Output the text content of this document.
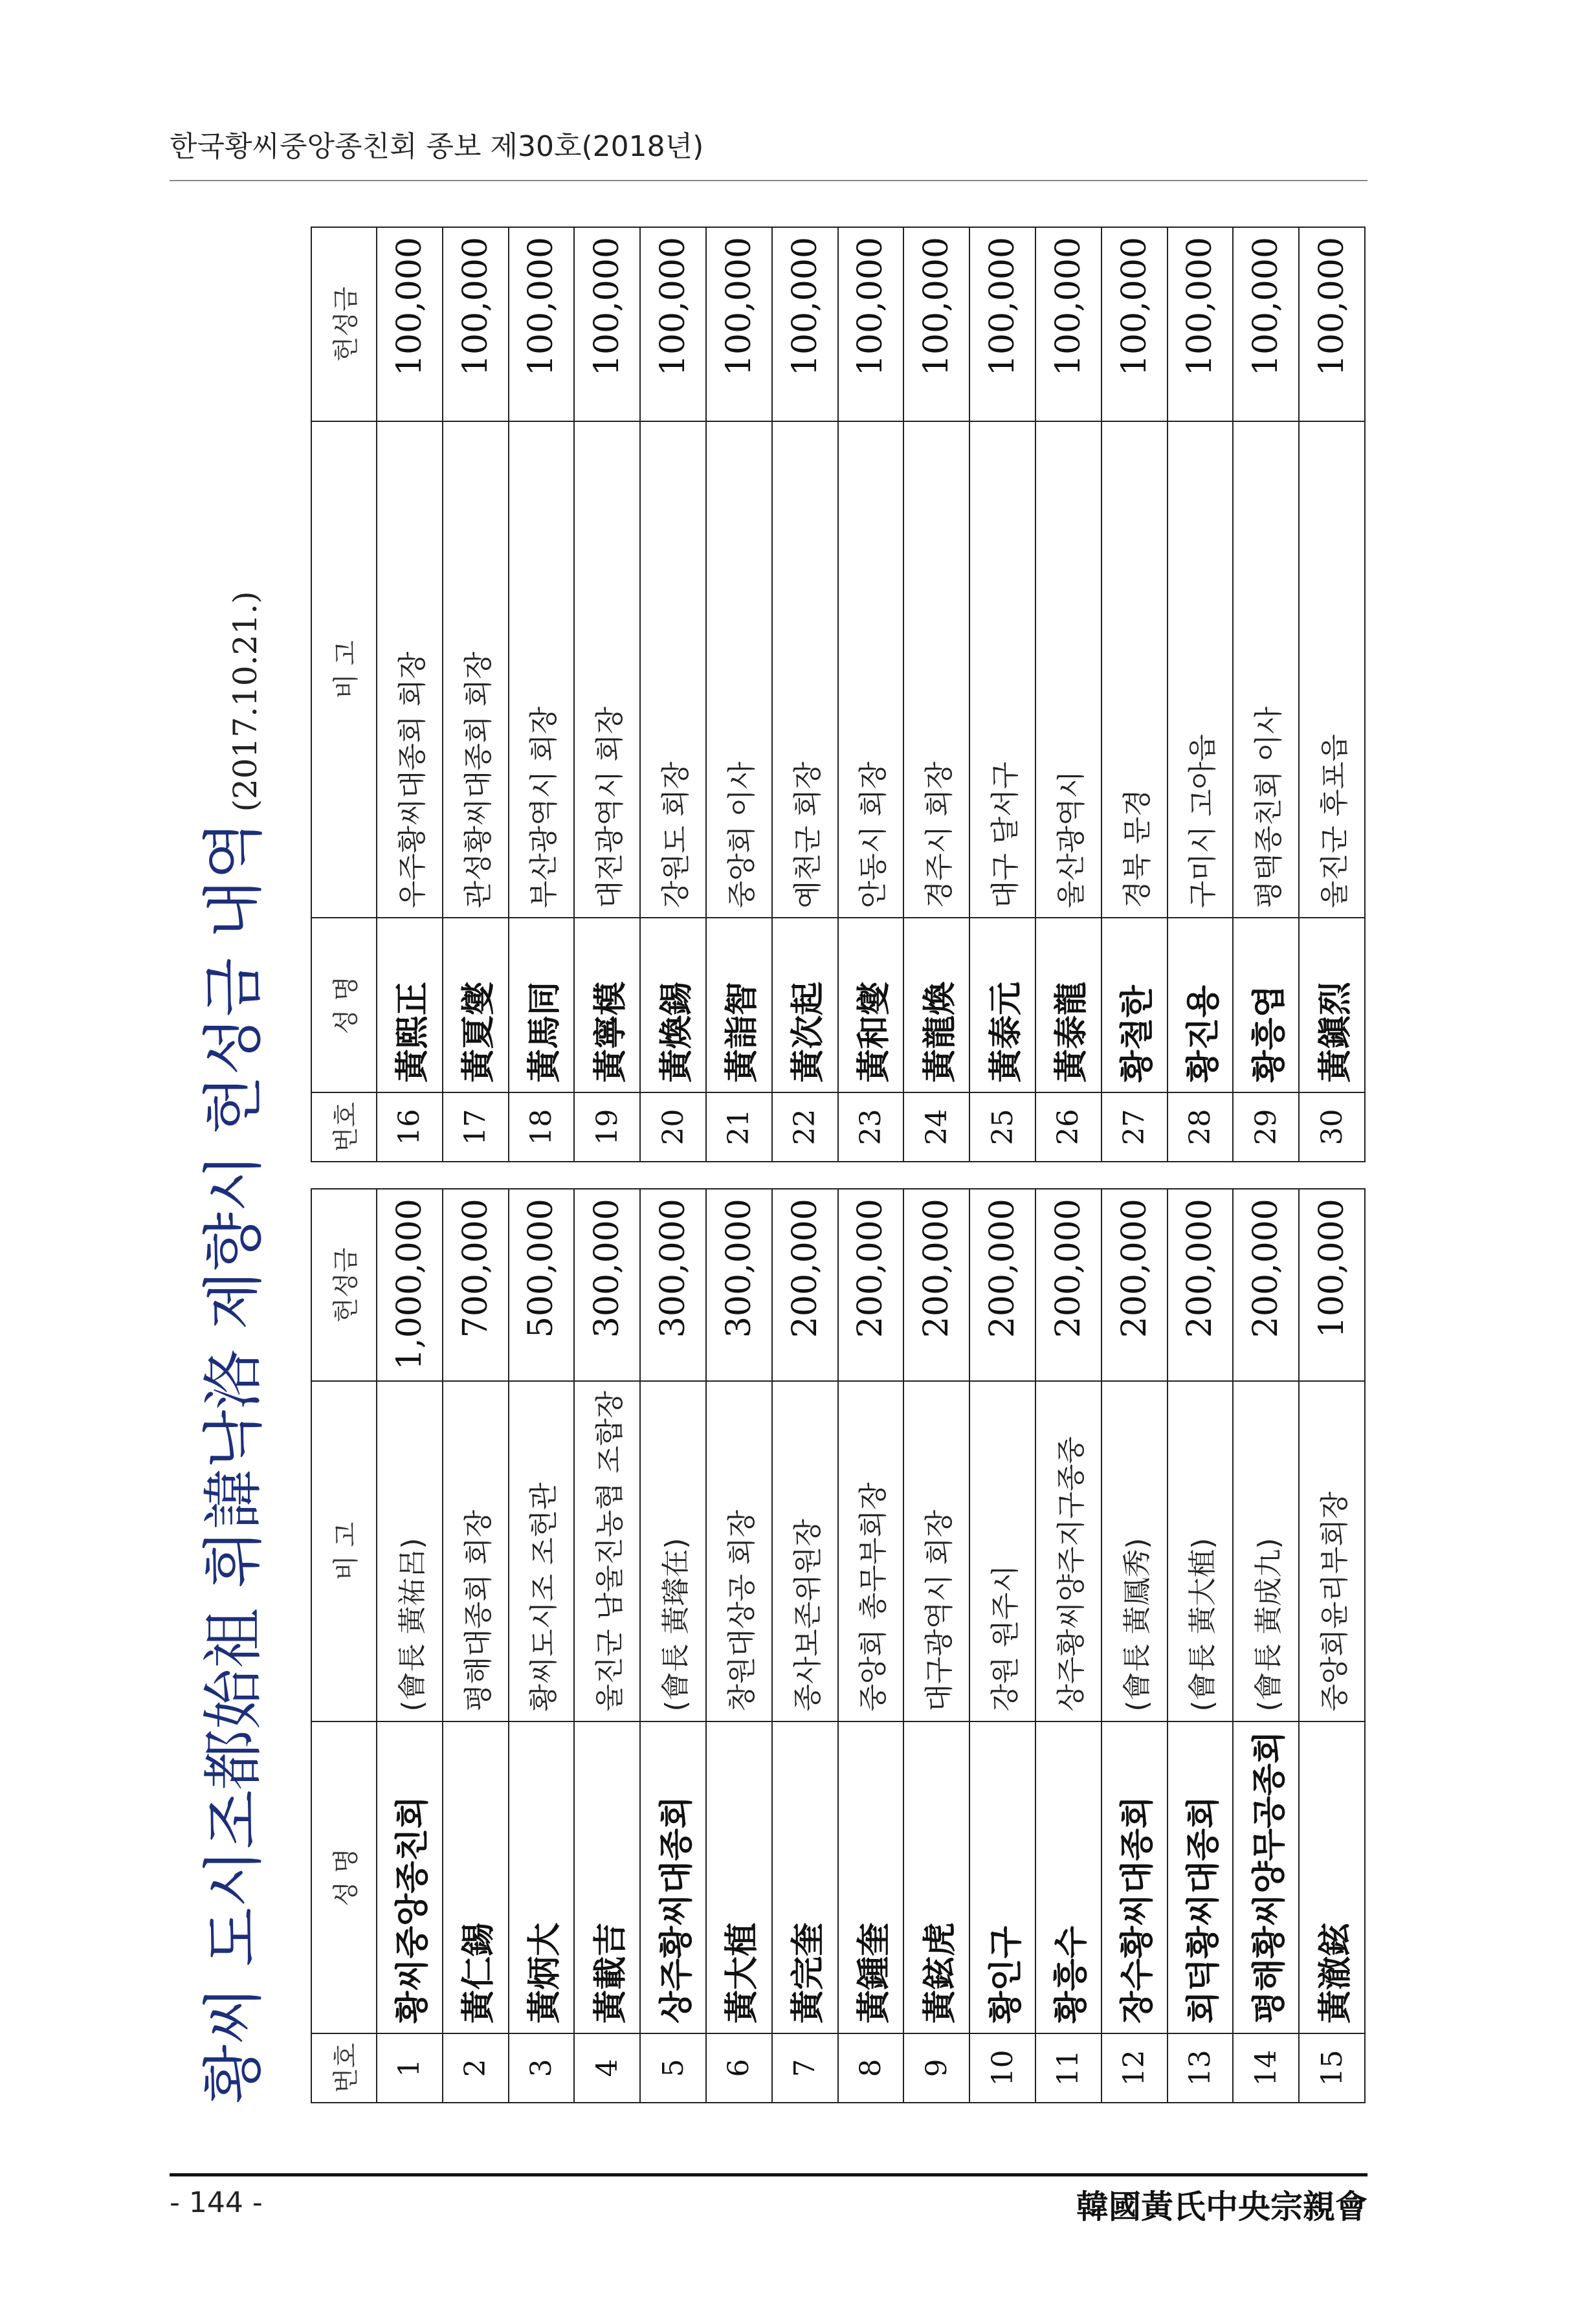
한국황씨중앙종친회 종보 제30호(2018년)
황씨 도시조都始祖 휘諱낙洛 제향시 헌성금 내역
(2017.10.21.)
번호	성 명	비 고	헌성금
1	황씨중앙종친회	(會長 黃祐呂)	1,000,000
2	黃仁錫	평해대종회 회장	700,000
3	黃炳大	황씨도시조 조헌관	500,000
4	黃載吉	울진군 남울진농협 조합장	300,000
5	상주황씨대종회	(會長 黃璿在)	300,000
6	黃大植	창원대상공 회장	300,000
7	黃完奎	종사보존위원장	200,000
8	黃鍾奎	중앙회 총무부회장	200,000
9	黃鉉虎	대구광역시 회장	200,000
10	황인구	강원 원주시	200,000
11	황흥수	상주황씨양주지구종중	200,000
12	장수황씨대종회	(會長 黃鳳秀)	200,000
13	회덕황씨대종회	(會長 黃大植)	200,000
14	평해황씨양무공종회	(會長 黃成九)	200,000
15	黃澈鉉	중앙회윤리부회장	100,000
번호	성 명	비 고	헌성금
16	黃熙正	우주황씨대종회 회장	100,000
17	黃夏燮	관성황씨대종회 회장	100,000
18	黃馬同	부산광역시 회장	100,000
19	黃寧模	대전광역시 회장	100,000
20	黃煥錫	강원도 회장	100,000
21	黃詣智	중앙회 이사	100,000
22	黃次起	예천군 회장	100,000
23	黃和燮	안동시 회장	100,000
24	黃龍煥	경주시 회장	100,000
25	黃泰元	대구 달서구	100,000
26	黃泰龍	울산광역시	100,000
27	황철한	경북 문경	100,000
28	황진용	구미시 고아읍	100,000
29	황흥엽	평택종친회 이사	100,000
30	黃鎭烈	울진군 후포읍	100,000
- 144 -	韓國黃氏中央宗親會
